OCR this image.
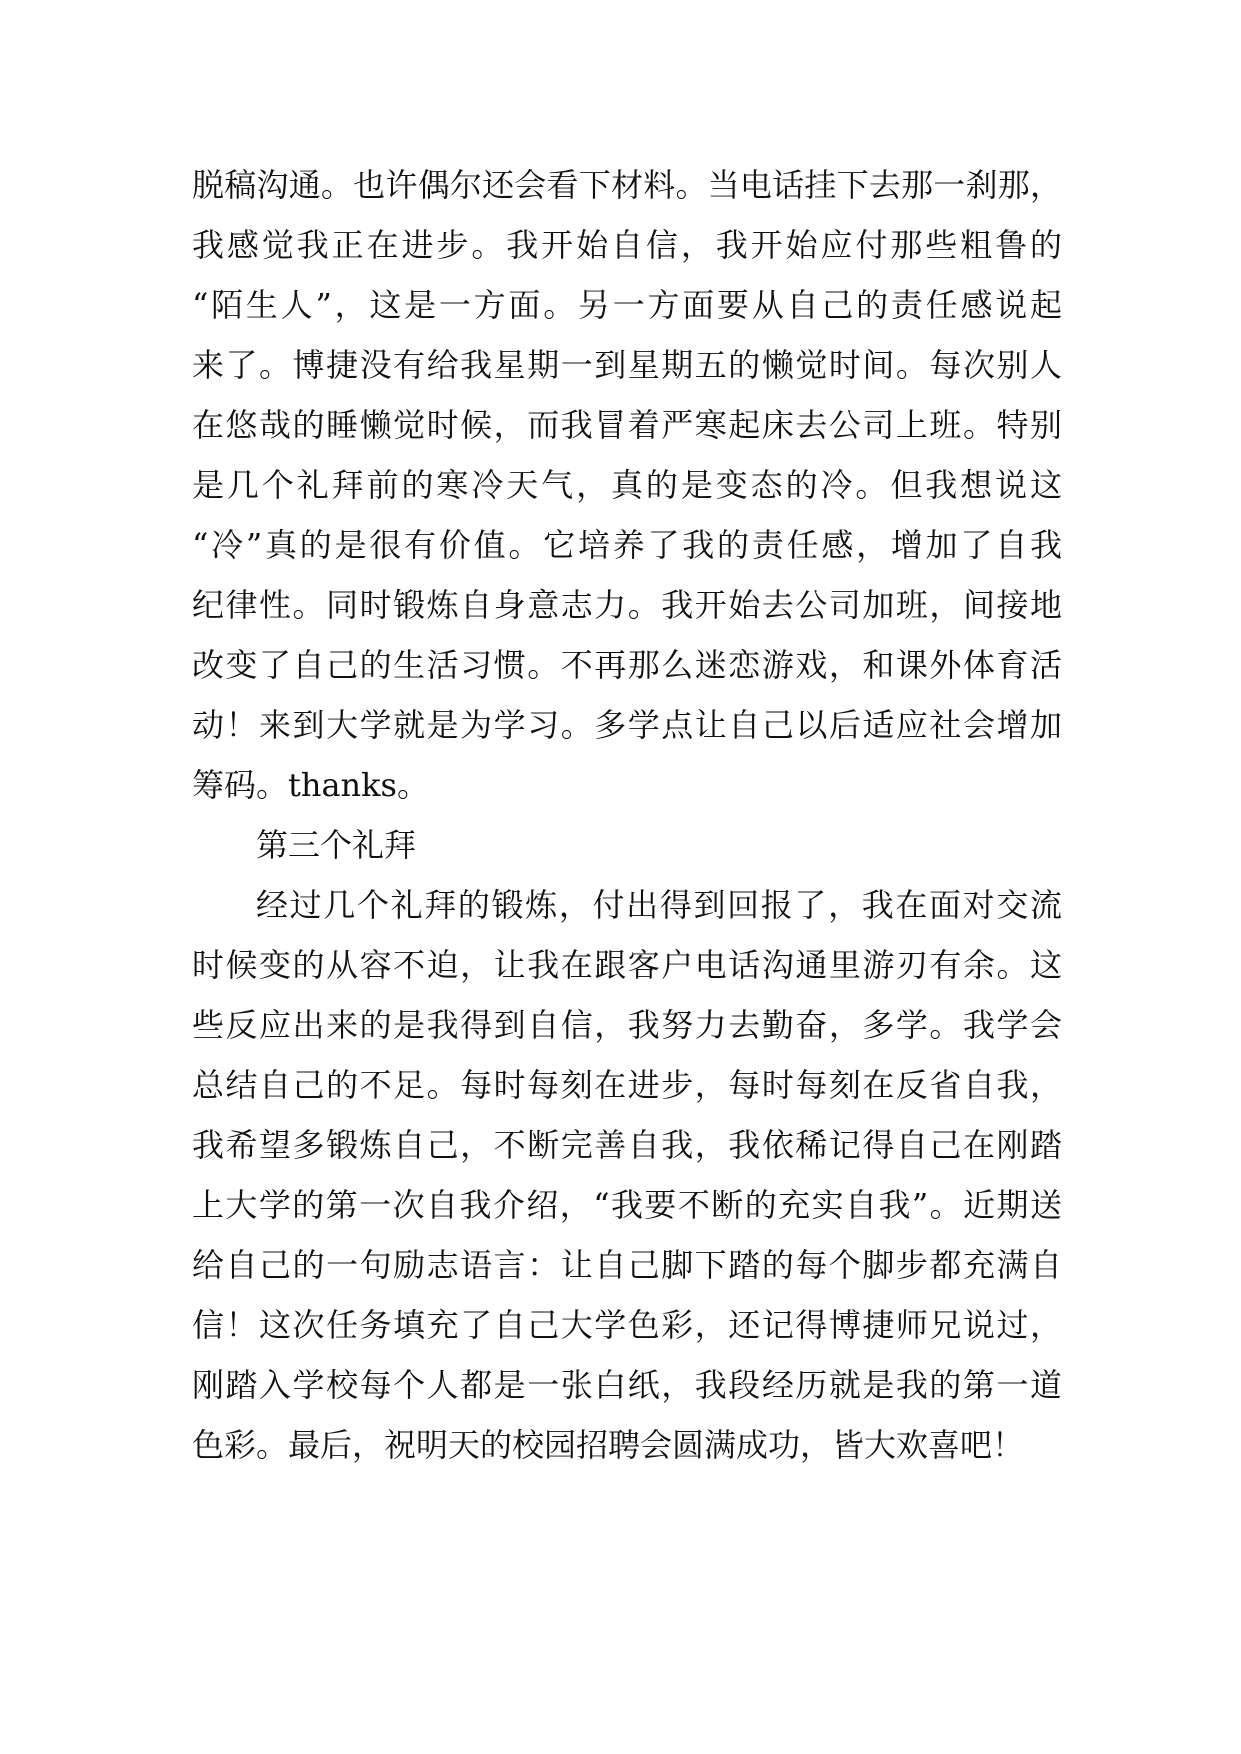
脱稿沟通。也许偶尔还会看下材料。当电话挂下去那一刹那，
我感觉我正在进步。我开始自信，我开始应付那些粗鲁的
“陌生人”，这是一方面。另一方面要从自己的责任感说起
来了。博捷没有给我星期一到星期五的懒觉时间。每次别人
在悠哉的睡懒觉时候，而我冒着严寒起床去公司上班。特别
是几个礼拜前的寒冷天气，真的是变态的冷。但我想说这
“冷”真的是很有价值。它培养了我的责任感，增加了自我
纪律性。同时锻炼自身意志力。我开始去公司加班，间接地
改变了自己的生活习惯。不再那么迷恋游戏，和课外体育活
动！来到大学就是为学习。多学点让自己以后适应社会增加
筹码。thanks。
第三个礼拜
经过几个礼拜的锻炼，付出得到回报了，我在面对交流
时候变的从容不迫，让我在跟客户电话沟通里游刃有余。这
些反应出来的是我得到自信，我努力去勤奋，多学。我学会
总结自己的不足。每时每刻在进步，每时每刻在反省自我，
我希望多锻炼自己，不断完善自我，我依稀记得自己在刚踏
上大学的第一次自我介绍，“我要不断的充实自我”。近期送
给自己的一句励志语言：让自己脚下踏的每个脚步都充满自
信！这次任务填充了自己大学色彩，还记得博捷师兄说过，
刚踏入学校每个人都是一张白纸，我段经历就是我的第一道
色彩。最后，祝明天的校园招聘会圆满成功，皆大欢喜吧！
